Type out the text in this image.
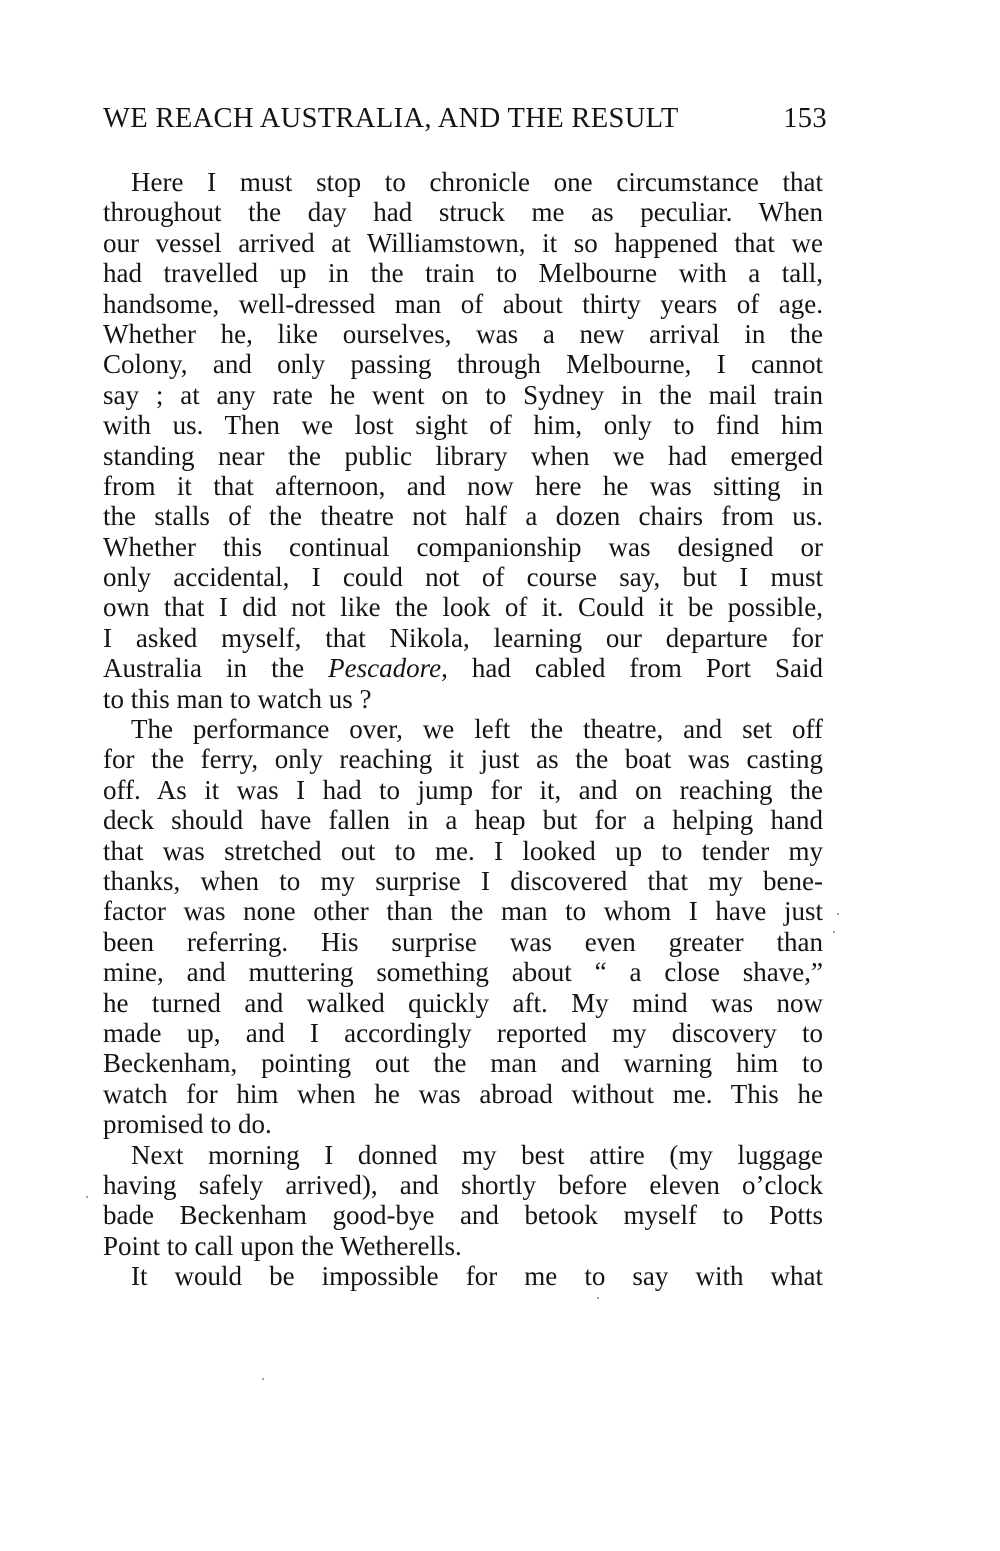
WE REACH AUSTRALIA, AND THE RESULT	153
Here I must stop to chronicle one circumstance that
throughout the day had struck me as peculiar. When
our vessel arrived at Williamstown, it so happened that we
had travelled up in the train to Melbourne with a tall,
handsome, well-dressed man of about thirty years of age.
Whether he, like ourselves, was a new arrival in the
Colony, and only passing through Melbourne, I cannot
say ; at any rate he went on to Sydney in the mail train
with us. Then we lost sight of him, only to find him
standing near the public library when we had emerged
from it that afternoon, and now here he was sitting in
the stalls of the theatre not half a dozen chairs from us.
Whether this continual companionship was designed or
only accidental, I could not of course say, but I must
own that I did not like the look of it. Could it be possible,
I asked myself, that Nikola, learning our departure for
Australia in the Pescadore, had cabled from Port Said
to this man to watch us ?
The performance over, we left the theatre, and set off
for the ferry, only reaching it just as the boat was casting
off. As it was I had to jump for it, and on reaching the
deck should have fallen in a heap but for a helping hand
that was stretched out to me. I looked up to tender my
thanks, when to my surprise I discovered that my bene-
factor was none other than the man to whom I have just
been referring. His surprise was even greater than
mine, and muttering something about “ a close shave,”
he turned and walked quickly aft. My mind was now
made up, and I accordingly reported my discovery to
Beckenham, pointing out the man and warning him to
watch for him when he was abroad without me. This he
promised to do.
Next morning I donned my best attire (my luggage
having safely arrived), and shortly before eleven o’clock
bade Beckenham good-bye and betook myself to Potts
Point to call upon the Wetherells.
It would be impossible for me to say with what
